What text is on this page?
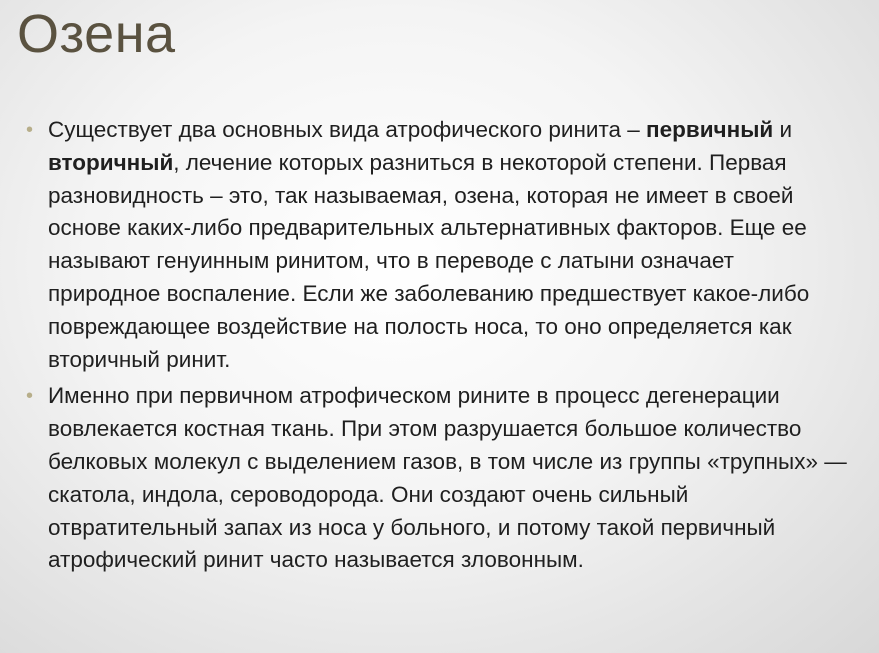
Озена
• Существует два основных вида атрофического ринита – первичный и вторичный, лечение которых разниться в некоторой степени. Первая разновидность – это, так называемая, озена, которая не имеет в своей основе каких-либо предварительных альтернативных факторов. Еще ее называют генуинным ринитом, что в переводе с латыни означает природное воспаление. Если же заболеванию предшествует какое-либо повреждающее воздействие на полость носа, то оно определяется как вторичный ринит.
• Именно при первичном атрофическом рините в процесс дегенерации вовлекается костная ткань. При этом разрушается большое количество белковых молекул с выделением газов, в том числе из группы «трупных» — скатола, индола, сероводорода. Они создают очень сильный отвратительный запах из носа у больного, и потому такой первичный атрофический ринит часто называется зловонным.
